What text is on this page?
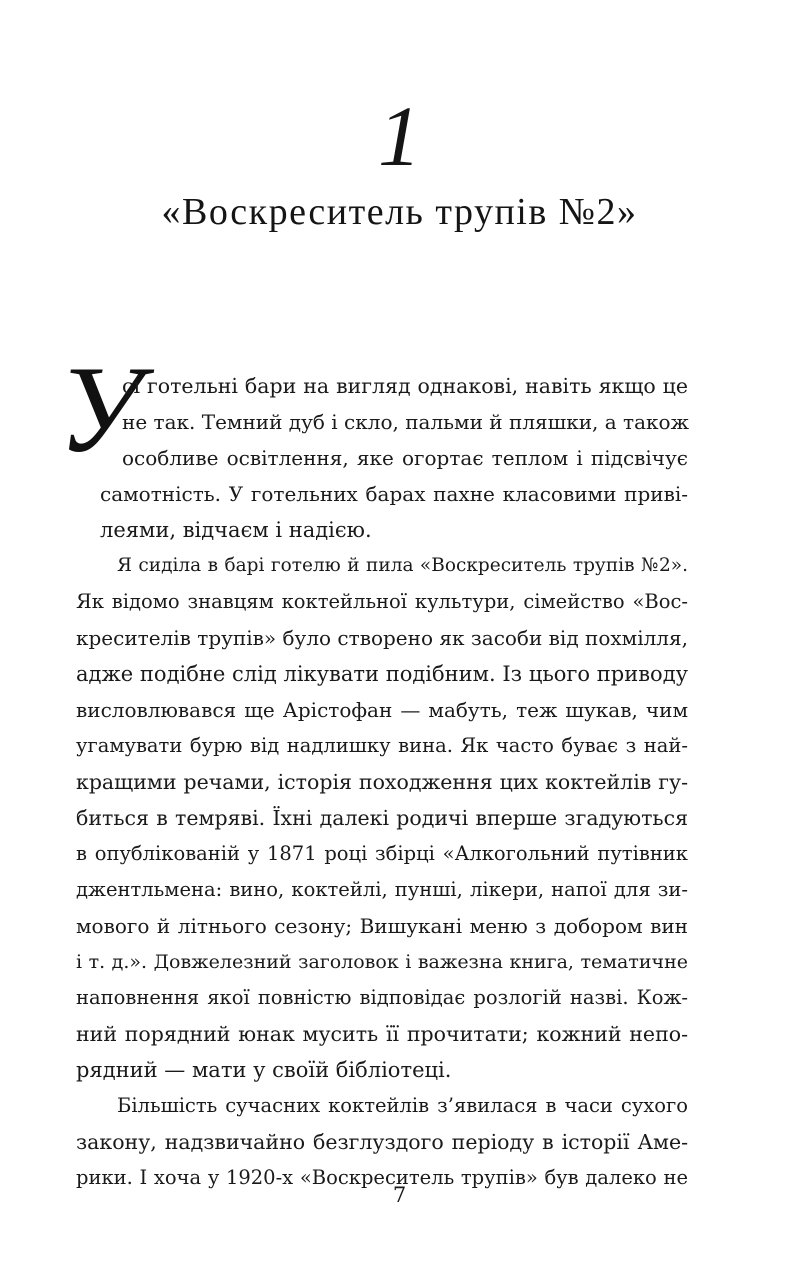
1
«Воскреситель трупів №2»
У
сі готельні бари на вигляд однакові, навіть якщо це
не так. Темний дуб і скло, пальми й пляшки, а також
особливе освітлення, яке огортає теплом і підсвічує
самотність. У готельних барах пахне класовими приві-
леями, відчаєм і надією.
Я сиділа в барі готелю й пила «Воскреситель трупів №2».
Як відомо знавцям коктейльної культури, сімейство «Вос-
кресителів трупів» було створено як засоби від похмілля,
адже подібне слід лікувати подібним. Із цього приводу
висловлювався ще Арістофан — мабуть, теж шукав, чим
угамувати бурю від надлишку вина. Як часто буває з най-
кращими речами, історія походження цих коктейлів гу-
биться в темряві. Їхні далекі родичі вперше згадуються
в опублікованій у 1871 році збірці «Алкогольний путівник
джентльмена: вино, коктейлі, пунші, лікери, напої для зи-
мового й літнього сезону; Вишукані меню з добором вин
і т. д.». Довжелезний заголовок і важезна книга, тематичне
наповнення якої повністю відповідає розлогій назві. Кож-
ний порядний юнак мусить її прочитати; кожний непо-
рядний — мати у своїй бібліотеці.
Більшість сучасних коктейлів з’явилася в часи сухого
закону, надзвичайно безглуздого періоду в історії Аме-
рики. І хоча у 1920-х «Воскреситель трупів» був далеко не
7
